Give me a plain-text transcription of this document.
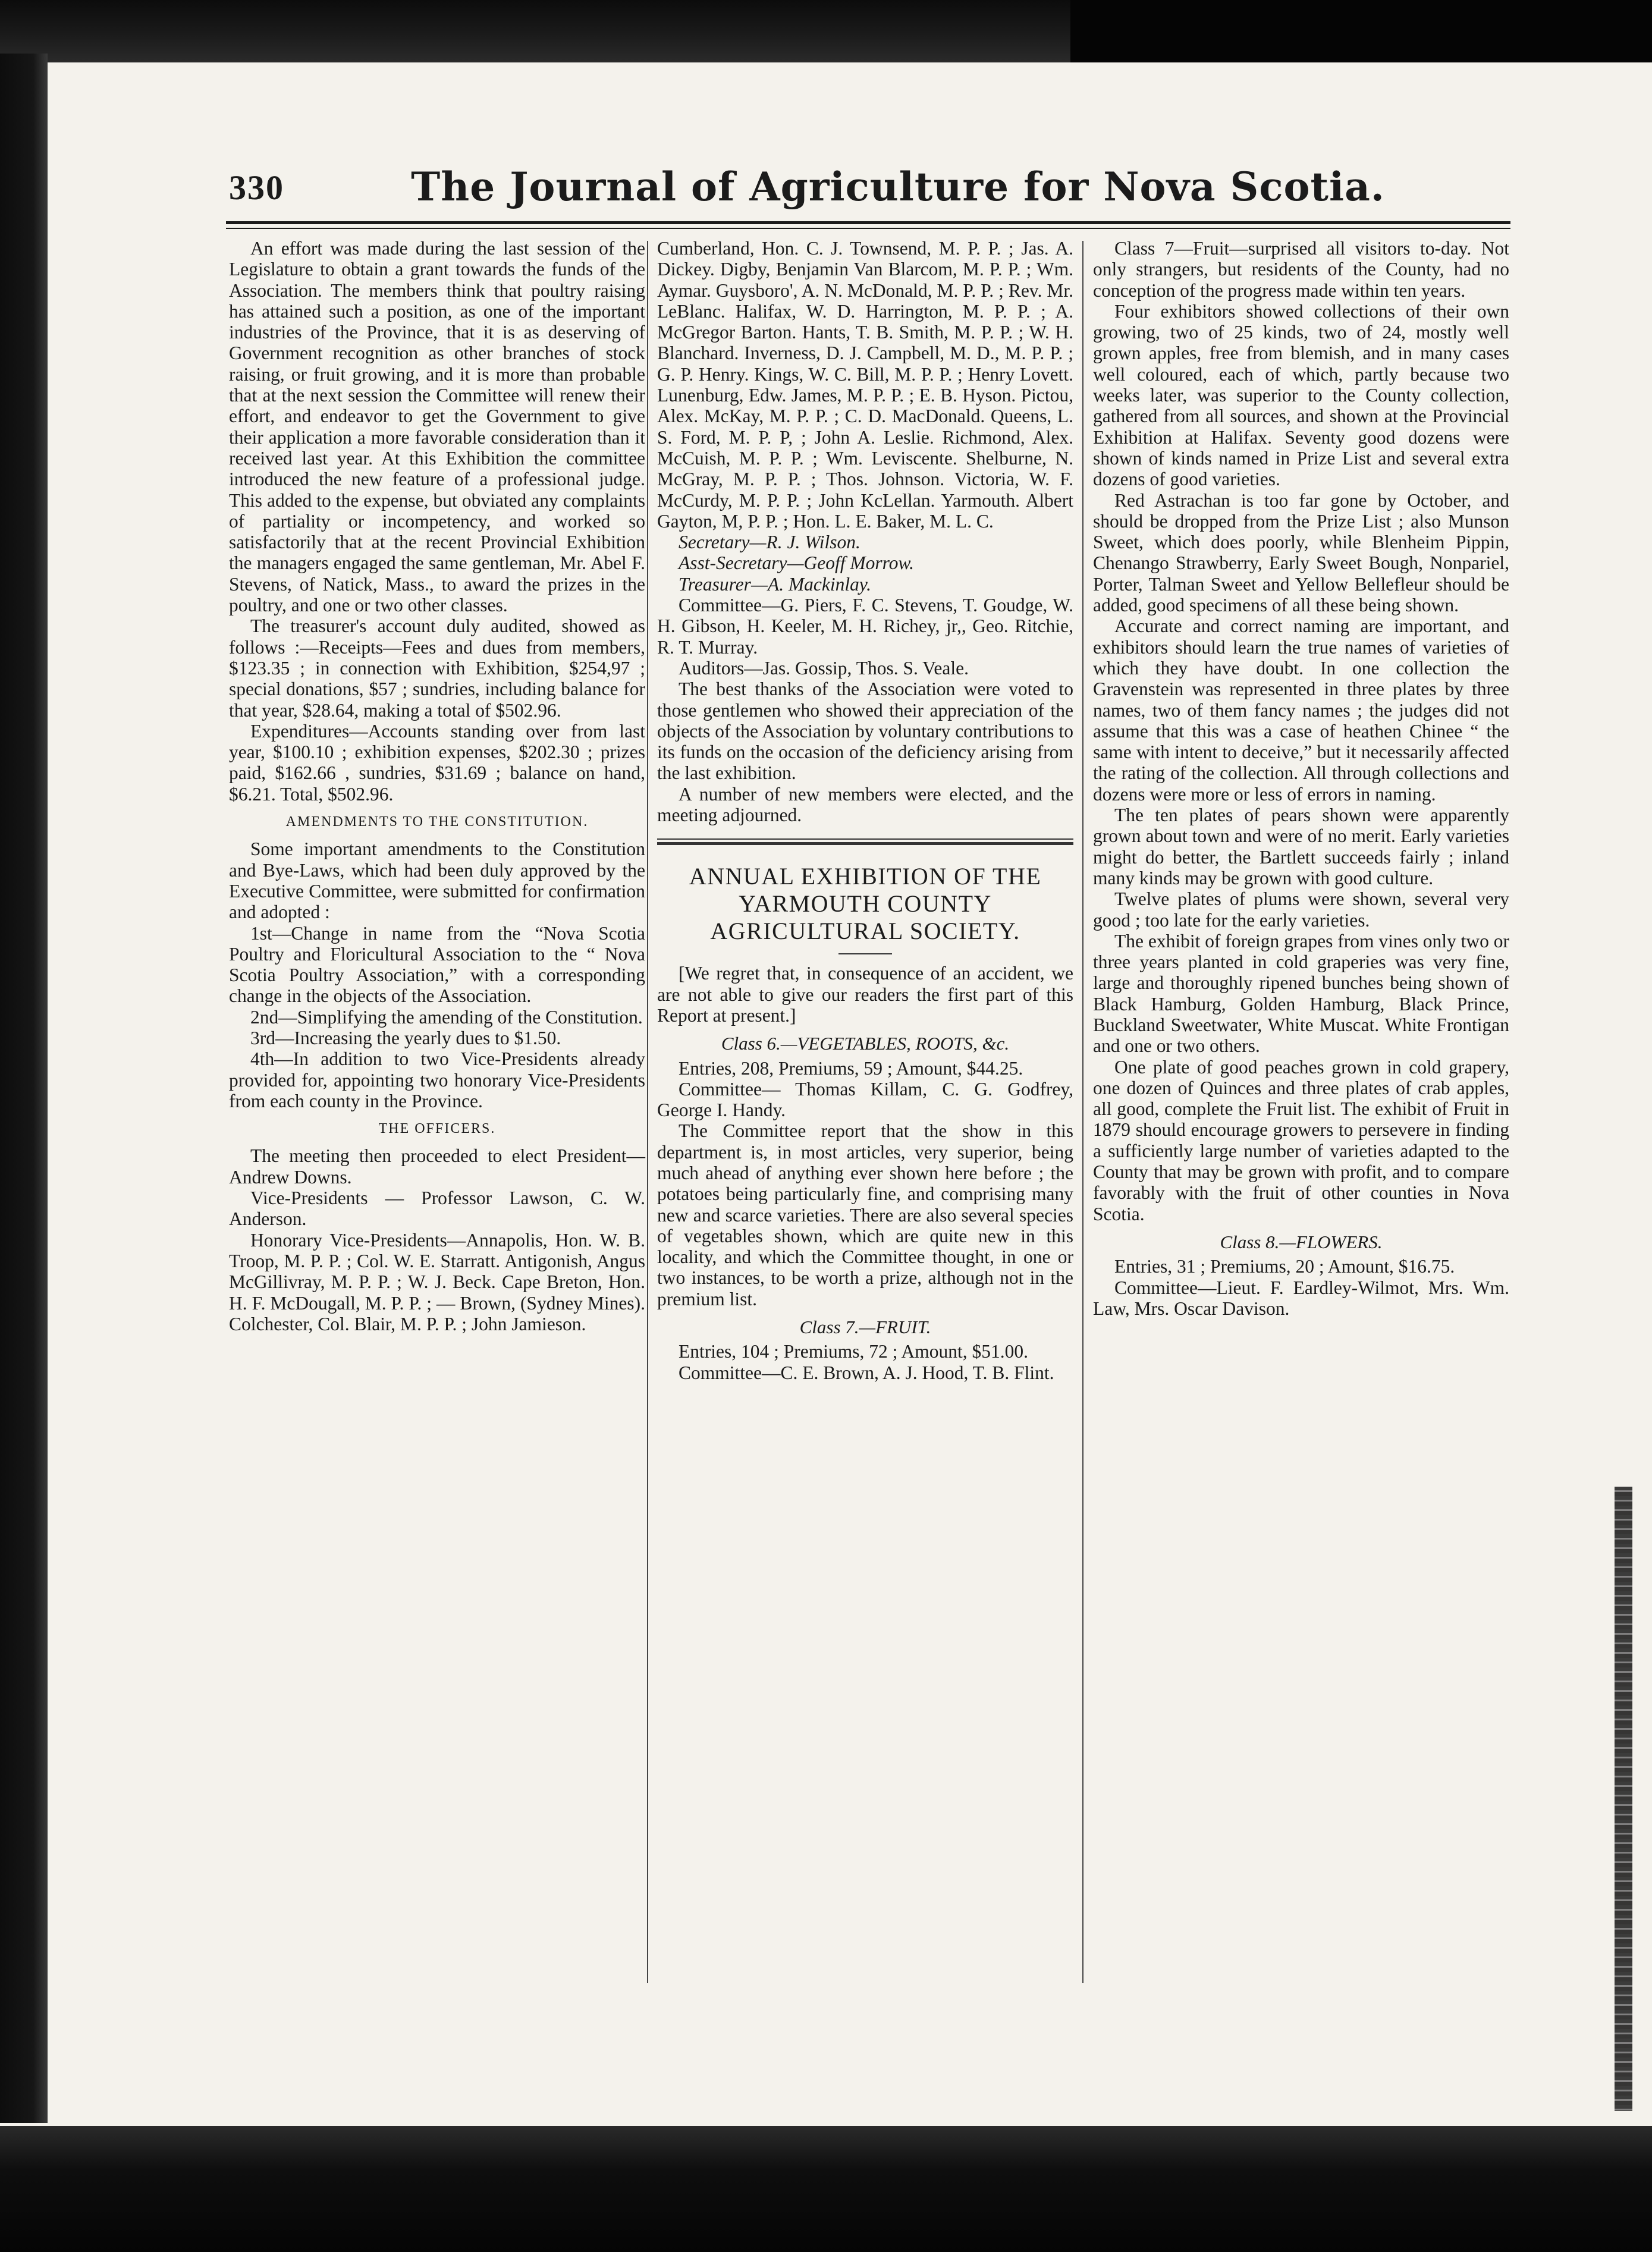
330	The Journal of Agriculture for Nova Scotia.

An effort was made during the last session of the Legislature to obtain a grant towards the funds of the Association. The members think that poultry raising has attained such a position, as one of the important industries of the Province, that it is as deserving of Government recognition as other branches of stock raising, or fruit growing, and it is more than probable that at the next session the Committee will renew their effort, and endeavor to get the Government to give their application a more favorable consideration than it received last year. At this Exhibition the committee introduced the new feature of a professional judge. This added to the expense, but obviated any complaints of partiality or incompetency, and worked so satisfactorily that at the recent Provincial Exhibition the managers engaged the same gentleman, Mr. Abel F. Stevens, of Natick, Mass., to award the prizes in the poultry, and one or two other classes.

The treasurer's account duly audited, showed as follows :—Receipts—Fees and dues from members, $123.35 ; in connection with Exhibition, $254,97 ; special donations, $57 ; sundries, including balance for that year, $28.64, making a total of $502.96.

Expenditures—Accounts standing over from last year, $100.10 ; exhibition expenses, $202.30 ; prizes paid, $162.66 , sundries, $31.69 ; balance on hand, $6.21. Total, $502.96.

AMENDMENTS TO THE CONSTITUTION.

Some important amendments to the Constitution and Bye-Laws, which had been duly approved by the Executive Committee, were submitted for confirmation and adopted :

1st—Change in name from the “Nova Scotia Poultry and Floricultural Association to the “ Nova Scotia Poultry Association,” with a corresponding change in the objects of the Association.

2nd—Simplifying the amending of the Constitution.

3rd—Increasing the yearly dues to $1.50.

4th—In addition to two Vice-Presidents already provided for, appointing two honorary Vice-Presidents from each county in the Province.

THE OFFICERS.

The meeting then proceeded to elect President—Andrew Downs.

Vice-Presidents — Professor Lawson, C. W. Anderson.

Honorary Vice-Presidents—Annapolis, Hon. W. B. Troop, M. P. P. ; Col. W. E. Starratt. Antigonish, Angus McGillivray, M. P. P. ; W. J. Beck. Cape Breton, Hon. H. F. McDougall, M. P. P. ; — Brown, (Sydney Mines). Colchester, Col. Blair, M. P. P. ; John Jamieson.

Cumberland, Hon. C. J. Townsend, M. P. P. ; Jas. A. Dickey. Digby, Benjamin Van Blarcom, M. P. P. ; Wm. Aymar. Guysboro', A. N. McDonald, M. P. P. ; Rev. Mr. LeBlanc. Halifax, W. D. Harrington, M. P. P. ; A. McGregor Barton. Hants, T. B. Smith, M. P. P. ; W. H. Blanchard. Inverness, D. J. Campbell, M. D., M. P. P. ; G. P. Henry. Kings, W. C. Bill, M. P. P. ; Henry Lovett. Lunenburg, Edw. James, M. P. P. ; E. B. Hyson. Pictou, Alex. McKay, M. P. P. ; C. D. MacDonald. Queens, L. S. Ford, M. P. P, ; John A. Leslie. Richmond, Alex. McCuish, M. P. P. ; Wm. Leviscente. Shelburne, N. McGray, M. P. P. ; Thos. Johnson. Victoria, W. F. McCurdy, M. P. P. ; John KcLellan. Yarmouth. Albert Gayton, M, P. P. ; Hon. L. E. Baker, M. L. C.

Secretary—R. J. Wilson.

Asst-Secretary—Geoff Morrow.

Treasurer—A. Mackinlay.

Committee—G. Piers, F. C. Stevens, T. Goudge, W. H. Gibson, H. Keeler, M. H. Richey, jr,, Geo. Ritchie, R. T. Murray.

Auditors—Jas. Gossip, Thos. S. Veale.

The best thanks of the Association were voted to those gentlemen who showed their appreciation of the objects of the Association by voluntary contributions to its funds on the occasion of the deficiency arising from the last exhibition.

A number of new members were elected, and the meeting adjourned.

ANNUAL EXHIBITION OF THE YARMOUTH COUNTY AGRICULTURAL SOCIETY.

[We regret that, in consequence of an accident, we are not able to give our readers the first part of this Report at present.]

Class 6.—VEGETABLES, ROOTS, &c.

Entries, 208, Premiums, 59 ; Amount, $44.25.

Committee— Thomas Killam, C. G. Godfrey, George I. Handy.

The Committee report that the show in this department is, in most articles, very superior, being much ahead of anything ever shown here before ; the potatoes being particularly fine, and comprising many new and scarce varieties. There are also several species of vegetables shown, which are quite new in this locality, and which the Committee thought, in one or two instances, to be worth a prize, although not in the premium list.

Class 7.—FRUIT.

Entries, 104 ; Premiums, 72 ; Amount, $51.00.

Committee—C. E. Brown, A. J. Hood, T. B. Flint.

Class 7—Fruit—surprised all visitors to-day. Not only strangers, but residents of the County, had no conception of the progress made within ten years.

Four exhibitors showed collections of their own growing, two of 25 kinds, two of 24, mostly well grown apples, free from blemish, and in many cases well coloured, each of which, partly because two weeks later, was superior to the County collection, gathered from all sources, and shown at the Provincial Exhibition at Halifax. Seventy good dozens were shown of kinds named in Prize List and several extra dozens of good varieties.

Red Astrachan is too far gone by October, and should be dropped from the Prize List ; also Munson Sweet, which does poorly, while Blenheim Pippin, Chenango Strawberry, Early Sweet Bough, Nonpariel, Porter, Talman Sweet and Yellow Bellefleur should be added, good specimens of all these being shown.

Accurate and correct naming are important, and exhibitors should learn the true names of varieties of which they have doubt. In one collection the Gravenstein was represented in three plates by three names, two of them fancy names ; the judges did not assume that this was a case of heathen Chinee “ the same with intent to deceive,” but it necessarily affected the rating of the collection. All through collections and dozens were more or less of errors in naming.

The ten plates of pears shown were apparently grown about town and were of no merit. Early varieties might do better, the Bartlett succeeds fairly ; inland many kinds may be grown with good culture.

Twelve plates of plums were shown, several very good ; too late for the early varieties.

The exhibit of foreign grapes from vines only two or three years planted in cold graperies was very fine, large and thoroughly ripened bunches being shown of Black Hamburg, Golden Hamburg, Black Prince, Buckland Sweetwater, White Muscat. White Frontigan and one or two others.

One plate of good peaches grown in cold grapery, one dozen of Quinces and three plates of crab apples, all good, complete the Fruit list. The exhibit of Fruit in 1879 should encourage growers to persevere in finding a sufficiently large number of varieties adapted to the County that may be grown with profit, and to compare favorably with the fruit of other counties in Nova Scotia.

Class 8.—FLOWERS.

Entries, 31 ; Premiums, 20 ; Amount, $16.75.

Committee—Lieut. F. Eardley-Wilmot, Mrs. Wm. Law, Mrs. Oscar Davison.
